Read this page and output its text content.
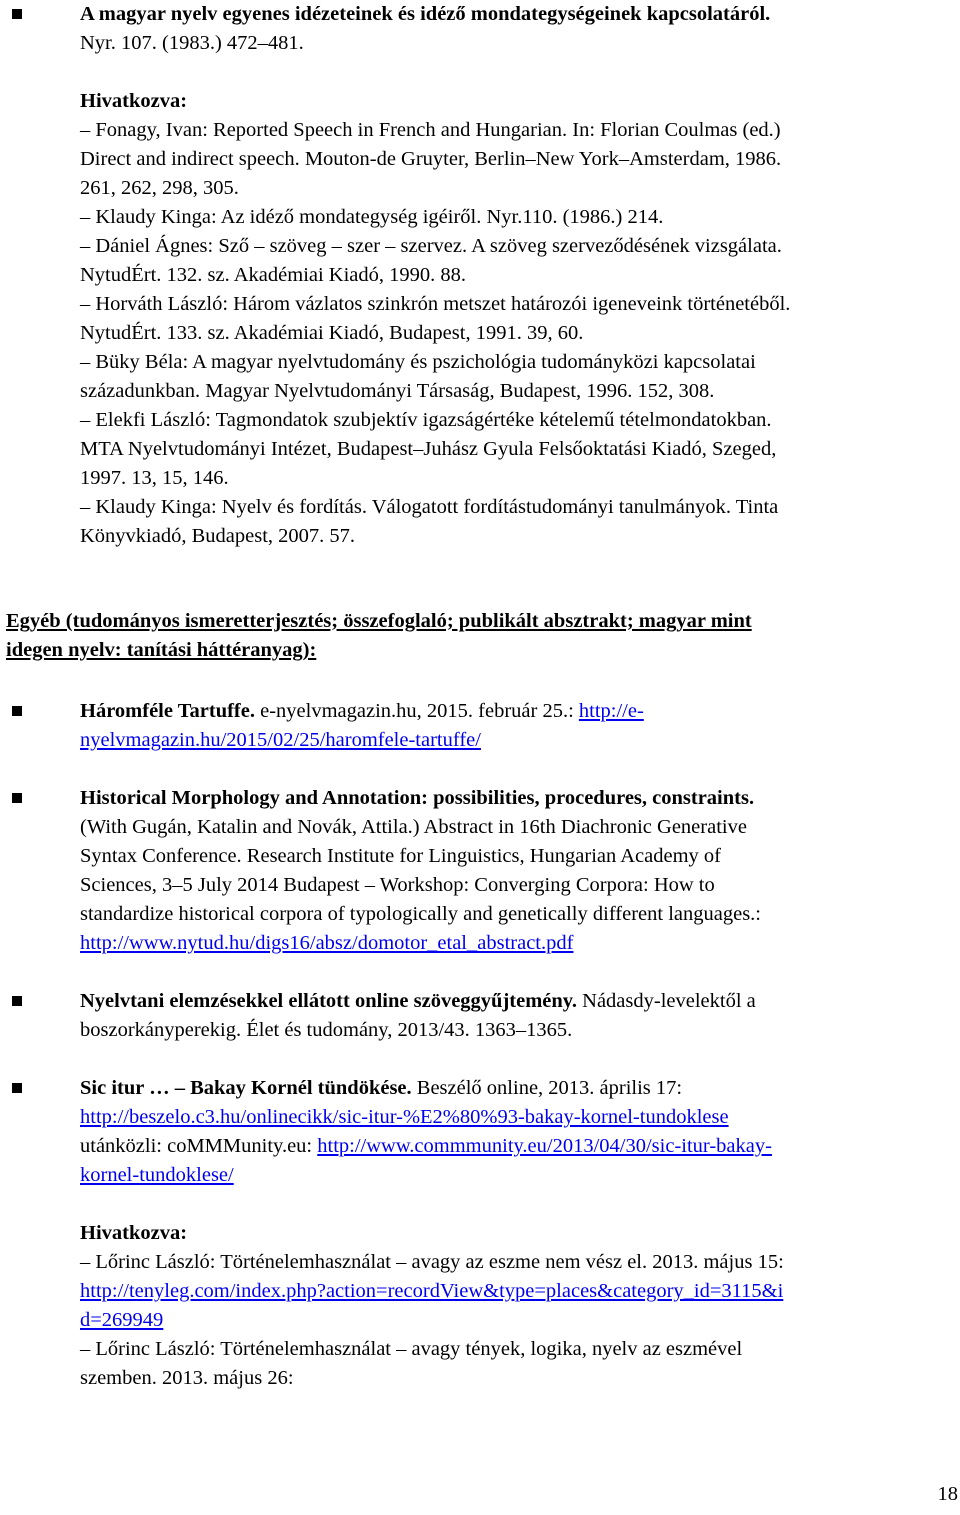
A magyar nyelv egyenes idézeteinek és idéző mondategységeinek kapcsolatáról.
Nyr. 107. (1983.) 472–481.
Hivatkozva:
– Fonagy, Ivan: Reported Speech in French and Hungarian. In: Florian Coulmas (ed.)
Direct and indirect speech. Mouton-de Gruyter, Berlin–New York–Amsterdam, 1986.
261, 262, 298, 305.
– Klaudy Kinga: Az idéző mondategység igéiről. Nyr.110. (1986.) 214.
– Dániel Ágnes: Sző – szöveg – szer – szervez. A szöveg szerveződésének vizsgálata.
NytudÉrt. 132. sz. Akadémiai Kiadó, 1990. 88.
– Horváth László: Három vázlatos szinkrón metszet határozói igeneveink történetéből.
NytudÉrt. 133. sz. Akadémiai Kiadó, Budapest, 1991. 39, 60.
– Büky Béla: A magyar nyelvtudomány és pszichológia tudományközi kapcsolatai
századunkban. Magyar Nyelvtudományi Társaság, Budapest, 1996. 152, 308.
– Elekfi László: Tagmondatok szubjektív igazságértéke kételemű tételmondatokban.
MTA Nyelvtudományi Intézet, Budapest–Juhász Gyula Felsőoktatási Kiadó, Szeged,
1997. 13, 15, 146.
– Klaudy Kinga: Nyelv és fordítás. Válogatott fordítástudományi tanulmányok. Tinta
Könyvkiadó, Budapest, 2007. 57.
Egyéb (tudományos ismeretterjesztés; összefoglaló; publikált absztrakt; magyar mint
idegen nyelv: tanítási háttéranyag):
Háromféle Tartuffe. e-nyelvmagazin.hu, 2015. február 25.: http://e-
nyelvmagazin.hu/2015/02/25/haromfele-tartuffe/
Historical Morphology and Annotation: possibilities, procedures, constraints.
(With Gugán, Katalin and Novák, Attila.) Abstract in 16th Diachronic Generative
Syntax Conference. Research Institute for Linguistics, Hungarian Academy of
Sciences, 3–5 July 2014 Budapest – Workshop: Converging Corpora: How to
standardize historical corpora of typologically and genetically different languages.:
http://www.nytud.hu/digs16/absz/domotor_etal_abstract.pdf
Nyelvtani elemzésekkel ellátott online szöveggyűjtemény. Nádasdy-levelektől a
boszorkányperekig. Élet és tudomány, 2013/43. 1363–1365.
Sic itur … – Bakay Kornél tündökése. Beszélő online, 2013. április 17:
http://beszelo.c3.hu/onlinecikk/sic-itur-%E2%80%93-bakay-kornel-tundoklese
utánközli: coMMMunity.eu: http://www.commmunity.eu/2013/04/30/sic-itur-bakay-
kornel-tundoklese/
Hivatkozva:
– Lőrinc László: Történelemhasználat – avagy az eszme nem vész el. 2013. május 15:
http://tenyleg.com/index.php?action=recordView&type=places&category_id=3115&i
d=269949
– Lőrinc László: Történelemhasználat – avagy tények, logika, nyelv az eszmével
szemben. 2013. május 26:
18
